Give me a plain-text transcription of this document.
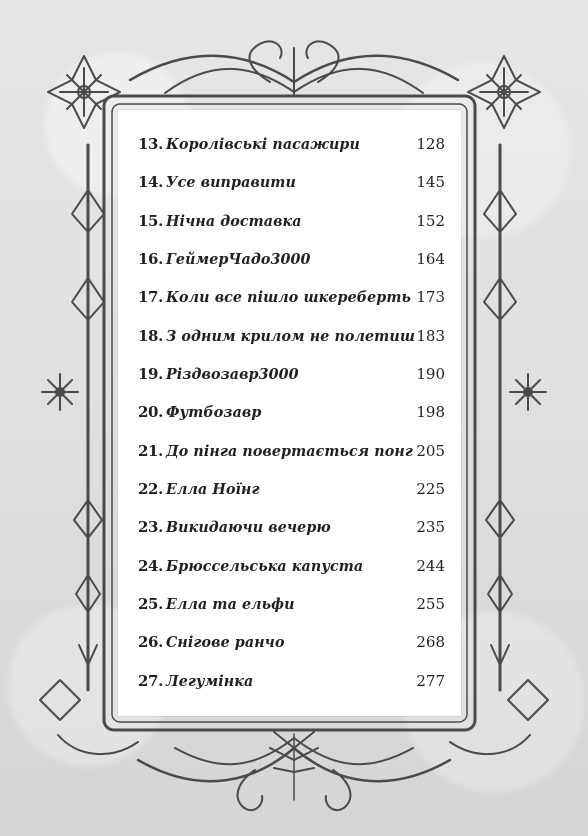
13. Королівські пасажири	128
14. Усе виправити	145
15. Нічна доставка	152
16. ГеймерЧадо3000	164
17. Коли все пішло шкереберть 173
18. З одним крилом не полетиш 183
19. Різдвозавр3000	190
20. Футбозавр	198
21. До пінга повертається понг 205
22. Елла Ноїнг	225
23. Викидаючи вечерю	235
24. Брюссельська капуста	244
25. Елла та ельфи	255
26. Снігове ранчо	268
27. Легумінка	277
